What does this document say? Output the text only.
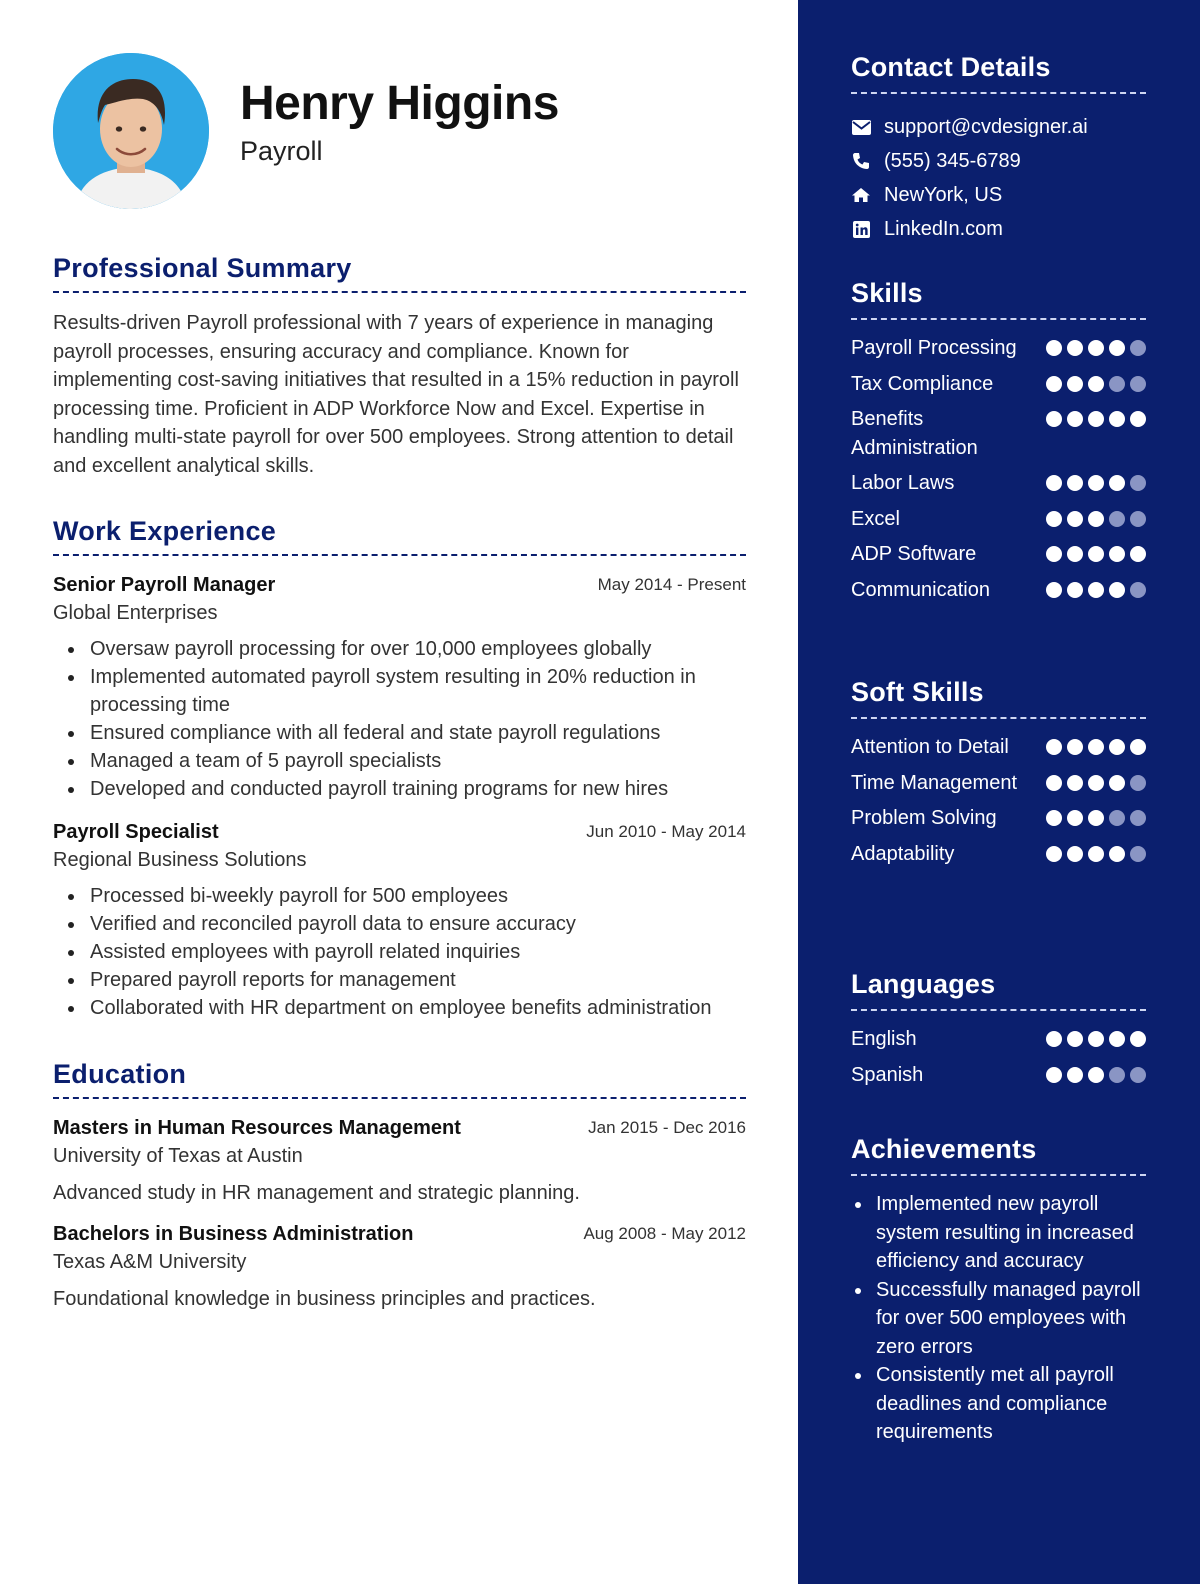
Henry Higgins
Payroll
Professional Summary
Results-driven Payroll professional with 7 years of experience in managing payroll processes, ensuring accuracy and compliance. Known for implementing cost-saving initiatives that resulted in a 15% reduction in payroll processing time. Proficient in ADP Workforce Now and Excel. Expertise in handling multi-state payroll for over 500 employees. Strong attention to detail and excellent analytical skills.
Work Experience
Senior Payroll Manager	May 2014 - Present
Global Enterprises
Oversaw payroll processing for over 10,000 employees globally
Implemented automated payroll system resulting in 20% reduction in processing time
Ensured compliance with all federal and state payroll regulations
Managed a team of 5 payroll specialists
Developed and conducted payroll training programs for new hires
Payroll Specialist	Jun 2010 - May 2014
Regional Business Solutions
Processed bi-weekly payroll for 500 employees
Verified and reconciled payroll data to ensure accuracy
Assisted employees with payroll related inquiries
Prepared payroll reports for management
Collaborated with HR department on employee benefits administration
Education
Masters in Human Resources Management	Jan 2015 - Dec 2016
University of Texas at Austin
Advanced study in HR management and strategic planning.
Bachelors in Business Administration	Aug 2008 - May 2012
Texas A&M University
Foundational knowledge in business principles and practices.
Contact Details
support@cvdesigner.ai
(555) 345-6789
NewYork, US
LinkedIn.com
Skills
Payroll Processing
Tax Compliance
Benefits Administration
Labor Laws
Excel
ADP Software
Communication
Soft Skills
Attention to Detail
Time Management
Problem Solving
Adaptability
Languages
English
Spanish
Achievements
Implemented new payroll system resulting in increased efficiency and accuracy
Successfully managed payroll for over 500 employees with zero errors
Consistently met all payroll deadlines and compliance requirements
